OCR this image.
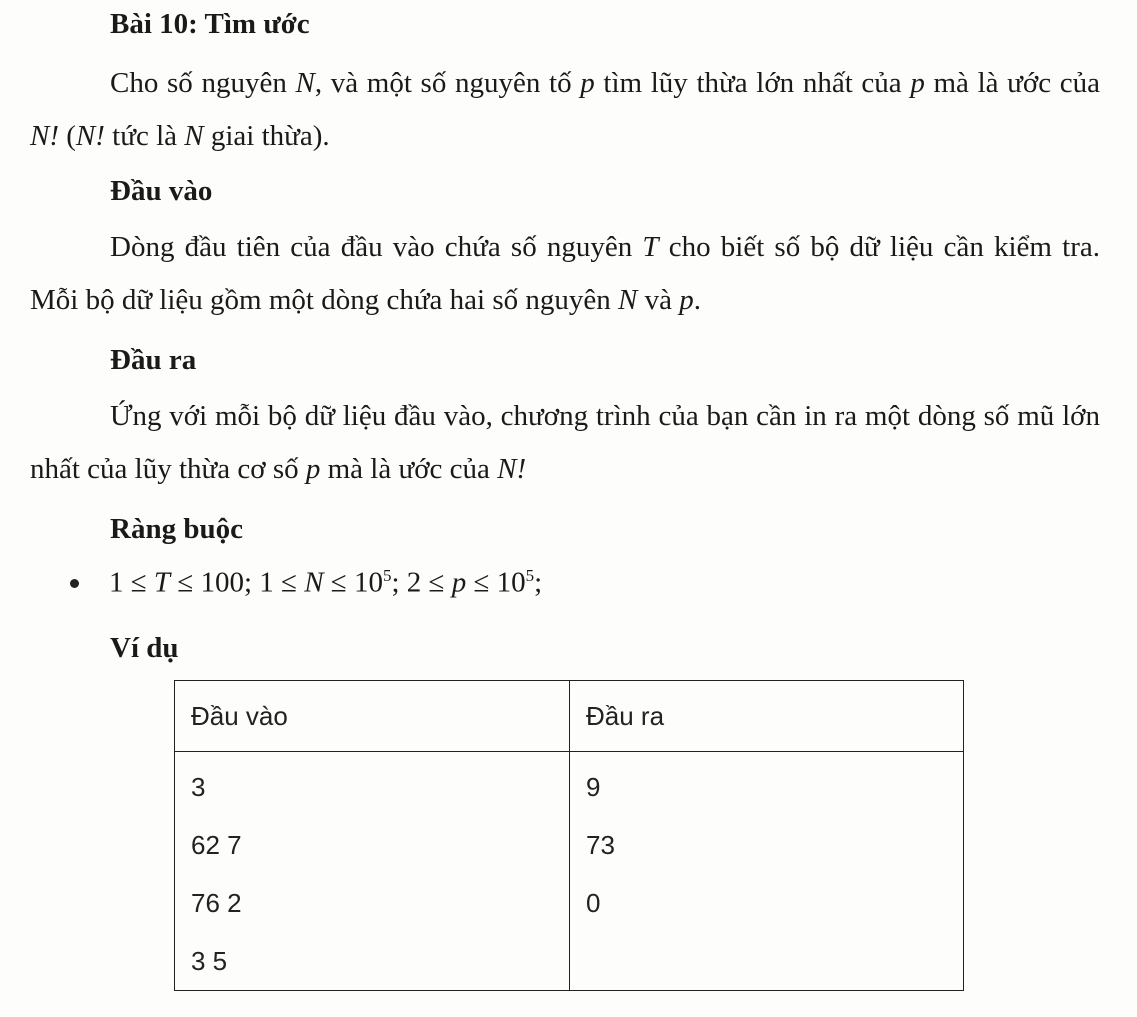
Bài 10: Tìm ước
Cho số nguyên N, và một số nguyên tố p tìm lũy thừa lớn nhất của p mà là ước của N! (N! tức là N giai thừa).
Đầu vào
Dòng đầu tiên của đầu vào chứa số nguyên T cho biết số bộ dữ liệu cần kiểm tra. Mỗi bộ dữ liệu gồm một dòng chứa hai số nguyên N và p.
Đầu ra
Ứng với mỗi bộ dữ liệu đầu vào, chương trình của bạn cần in ra một dòng số mũ lớn nhất của lũy thừa cơ số p mà là ước của N!
Ràng buộc
1 ≤ T ≤ 100; $1 \le N \le 10^5$; $2 \le p \le 10^5$;
Ví dụ
Đầu vào	Đầu ra
3	9
62 7	73
76 2	0
3 5	
